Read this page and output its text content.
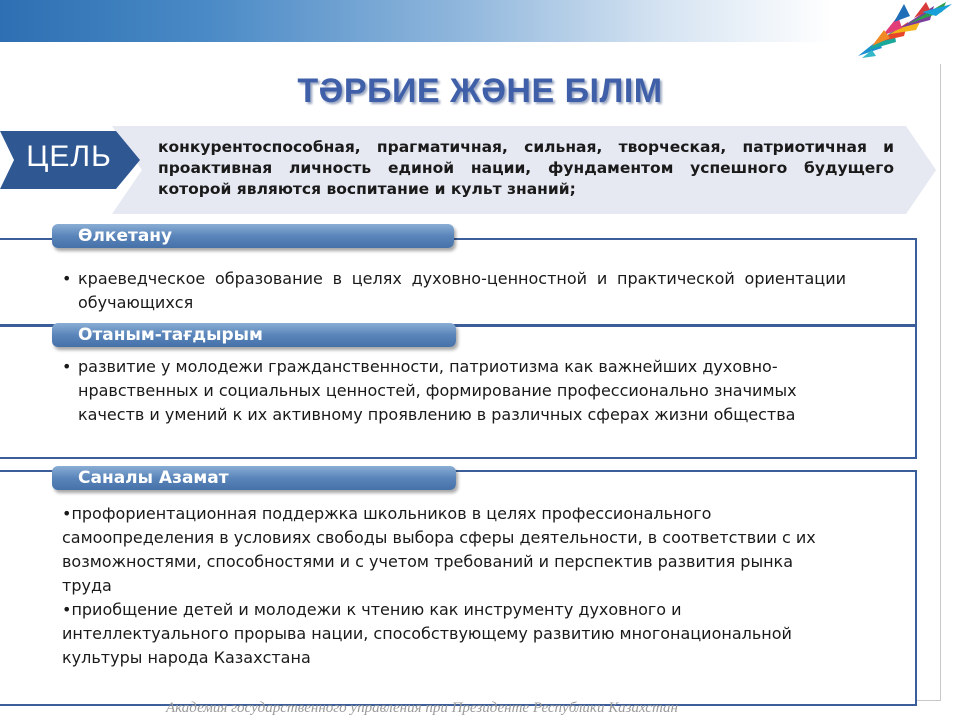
ТӘРБИЕ ЖӘНЕ БІЛІМ
конкурентоспособная, прагматичная, сильная, творческая, патриотичная и проактивная личность единой нации, фундаментом успешного будущего которой являются воспитание и культ знаний;
ЦЕЛЬ
Өлкетану
• краеведческое образование в целях духовно-ценностной и практической ориентации обучающихся
Отаным-тағдырым
• развитие у молодежи гражданственности, патриотизма как важнейших духовно-нравственных и социальных ценностей, формирование профессионально значимых качеств и умений к их активному проявлению в различных сферах жизни общества
Саналы Азамат
•профориентационная поддержка школьников в целях профессионального самоопределения в условиях свободы выбора сферы деятельности, в соответствии с их возможностями, способностями и с учетом требований и перспектив развития рынка труда
•приобщение детей и молодежи к чтению как инструменту духовного и интеллектуального прорыва нации, способствующему развитию многонациональной культуры народа Казахстана
Академия государственного управления при Президенте Республики Казахстан
